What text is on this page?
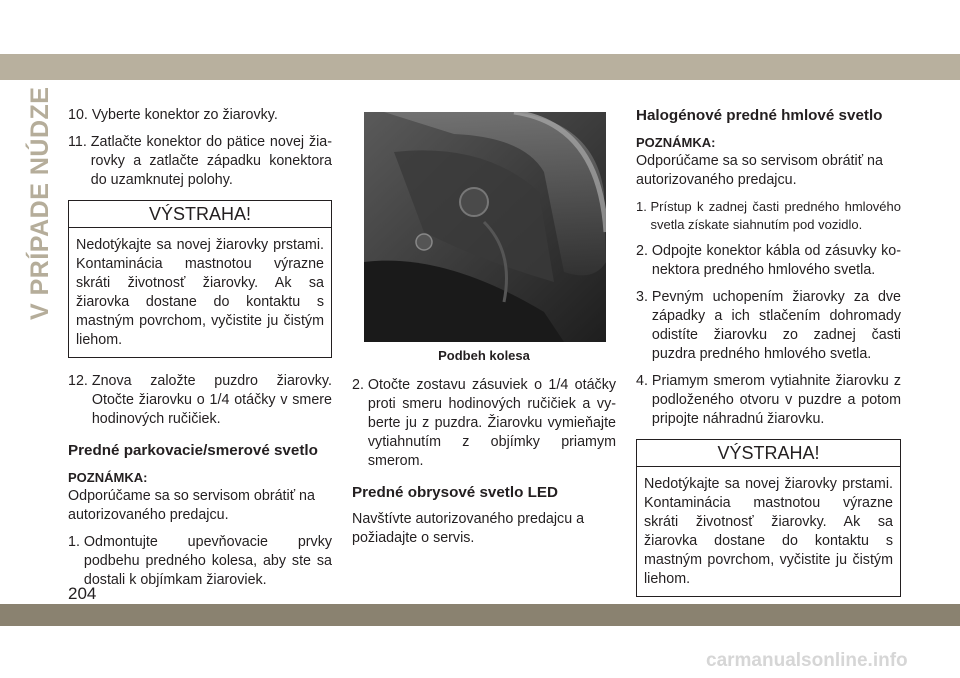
V PRÍPADE NÚDZE 10. Vyberte konektor zo žiarovky.
11. Zatlačte konektor do pätice novej žiarovky a zatlačte západku konektora do uzamknutej polohy.
VÝSTRAHA!
Nedotýkajte sa novej žiarovky prstami. Kontaminácia mastnotou výrazne skráti životnosť žiarovky. Ak sa žiarovka dostane do kontaktu s mastným povrchom, vyčistite ju čistým liehom.
12. Znova založte puzdro žiarovky. Otočte žiarovku o 1/4 otáčky v smere hodinových ručičiek.
Predné parkovacie/smerové svetlo
POZNÁMKA:
Odporúčame sa so servisom obrátiť na autorizovaného predajcu.
1. Odmontujte upevňovacie prvky podbehu predného kolesa, aby ste sa dostali k objímkam žiaroviek.
Podbeh kolesa
2. Otočte zostavu zásuviek o 1/4 otáčky proti smeru hodinových ručičiek a vyberte ju z puzdra. Žiarovku vymieňajte vytiahnutím z objímky priamym smerom.
Predné obrysové svetlo LED
Navštívte autorizovaného predajcu a požiadajte o servis.
Halogénové predné hmlové svetlo
POZNÁMKA:
Odporúčame sa so servisom obrátiť na autorizovaného predajcu.
1. Prístup k zadnej časti predného hmlového svetla získate siahnutím pod vozidlo.
2. Odpojte konektor kábla od zásuvky konektora predného hmlového svetla.
3. Pevným uchopením žiarovky za dve západky a ich stlačením dohromady odistíte žiarovku zo zadnej časti puzdra predného hmlového svetla.
4. Priamym smerom vytiahnite žiarovku z podloženého otvoru v puzdre a potom pripojte náhradnú žiarovku.
VÝSTRAHA!
Nedotýkajte sa novej žiarovky prstami. Kontaminácia mastnotou výrazne skráti životnosť žiarovky. Ak sa žiarovka dostane do kontaktu s mastným povrchom, vyčistite ju čistým liehom.
204
carmanualsonline.info
